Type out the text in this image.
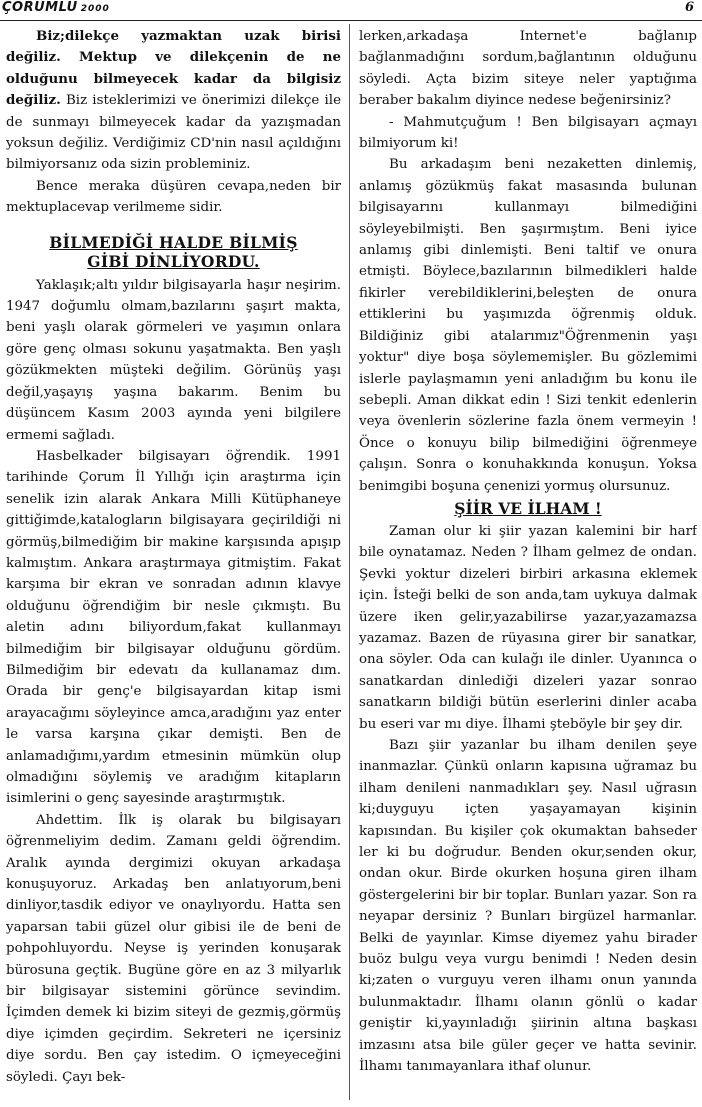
ÇORUMLU 2000	6

Biz;dilekçe yazmaktan uzak birisi değiliz. Mektup ve dilekçenin de ne olduğunu bilmeyecek kadar da bilgisiz değiliz. Biz isteklerimizi ve önerimizi dilekçe ile de sunmayı bilmeyecek kadar da yazışmadan yoksun değiliz. Verdiğimiz CD'nin nasıl açıldığını bilmiyorsanız oda sizin probleminiz.

Bence meraka düşüren cevapa,neden bir mektuplacevap verilmeme sidir.

BİLMEDİĞİ HALDE BİLMİŞ
GİBİ DİNLİYORDU.

Yaklaşık;altı yıldır bilgisayarla haşır neşirim. 1947 doğumlu olmam,bazılarını şaşırt makta, beni yaşlı olarak görmeleri ve yaşımın onlara göre genç olması sokunu yaşatmakta. Ben yaşlı gözükmekten müşteki değilim. Görünüş yaşı değil,yaşayış yaşına bakarım. Benim bu düşüncem Kasım 2003 ayında yeni bilgilere ermemi sağladı.

Hasbelkader bilgisayarı öğrendik. 1991 tarihinde Çorum İl Yıllığı için araştırma için senelik izin alarak Ankara Milli Kütüphaneye gittiğimde,katalogların bilgisayara geçirildiği ni görmüş,bilmediğim bir makine karşısında apışıp kalmıştım. Ankara araştırmaya gitmiştim. Fakat karşıma bir ekran ve sonradan adının klavye olduğunu öğrendiğim bir nesle çıkmıştı. Bu aletin adını biliyordum,fakat kullanmayı bilmediğim bir bilgisayar olduğunu gördüm. Bilmediğim bir edevatı da kullanamaz dım. Orada bir genç'e bilgisayardan kitap ismi arayacağımı söyleyince amca,aradığını yaz enter le varsa karşına çıkar demişti. Ben de anlamadığımı,yardım etmesinin mümkün olup olmadığını söylemiş ve aradığım kitapların isimlerini o genç sayesinde araştırmıştık.

Ahdettim. İlk iş olarak bu bilgisayarı öğrenmeliyim dedim. Zamanı geldi öğrendim. Aralık ayında dergimizi okuyan arkadaşa konuşuyoruz. Arkadaş ben anlatıyorum,beni dinliyor,tasdik ediyor ve onaylıyordu. Hatta sen yaparsan tabii güzel olur gibisi ile de beni de pohpohluyordu. Neyse iş yerinden konuşarak bürosuna geçtik. Bugüne göre en az 3 milyarlık bir bilgisayar sistemini görünce sevindim. İçimden demek ki bizim siteyi de gezmiş,görmüş diye içimden geçirdim. Sekreteri ne içersiniz diye sordu. Ben çay istedim. O içmeyeceğini söyledi. Çayı bek-

lerken,arkadaşa Internet'e bağlanıp bağlanmadığını sordum,bağlantının olduğunu söyledi. Açta bizim siteye neler yaptığıma beraber bakalım diyince nedese beğenirsiniz?

- Mahmutçuğum ! Ben bilgisayarı açmayı bilmiyorum ki!

Bu arkadaşım beni nezaketten dinlemiş, anlamış gözükmüş fakat masasında bulunan bilgisayarını kullanmayı bilmediğini söyleyebilmişti. Ben şaşırmıştım. Beni iyice anlamış gibi dinlemişti. Beni taltif ve onura etmişti. Böylece,bazılarının bilmedikleri halde fikirler verebildiklerini,beleşten de onura ettiklerini bu yaşımızda öğrenmiş olduk. Bildiğiniz gibi atalarımız"Öğrenmenin yaşı yoktur" diye boşa söylememişler. Bu gözlemimi islerle paylaşmamın yeni anladığım bu konu ile sebepli. Aman dikkat edin ! Sizi tenkit edenlerin veya övenlerin sözlerine fazla önem vermeyin ! Önce o konuyu bilip bilmediğini öğrenmeye çalışın. Sonra o konuhakkında konuşun. Yoksa benimgibi boşuna çenenizi yormuş olursunuz.

ŞİİR VE İLHAM !

Zaman olur ki şiir yazan kalemini bir harf bile oynatamaz. Neden ? İlham gelmez de ondan. Şevki yoktur dizeleri birbiri arkasına eklemek için. İsteği belki de son anda,tam uykuya dalmak üzere iken gelir,yazabilirse yazar,yazamazsa yazamaz. Bazen de rüyasına girer bir sanatkar, ona söyler. Oda can kulağı ile dinler. Uyanınca o sanatkardan dinlediği dizeleri yazar sonrao sanatkarın bildiği bütün eserlerini dinler acaba bu eseri var mı diye. İlhami şteböyle bir şey dir.

Bazı şiir yazanlar bu ilham denilen şeye inanmazlar. Çünkü onların kapısına uğramaz bu ilham denileni nanmadıkları şey. Nasıl uğrasın ki;duyguyu içten yaşayamayan kişinin kapısından. Bu kişiler çok okumaktan bahseder ler ki bu doğrudur. Benden okur,senden okur, ondan okur. Birde okurken hoşuna giren ilham göstergelerini bir bir toplar. Bunları yazar. Son ra neyapar dersiniz ? Bunları birgüzel harmanlar. Belki de yayınlar. Kimse diyemez yahu birader buöz bulgu veya vurgu benimdi ! Neden desin ki;zaten o vurguyu veren ilhamı onun yanında bulunmaktadır. İlhamı olanın gönlü o kadar geniştir ki,yayınladığı şiirinin altına başkası imzasını atsa bile güler geçer ve hatta sevinir. İlhamı tanımayanlara ithaf olunur.
